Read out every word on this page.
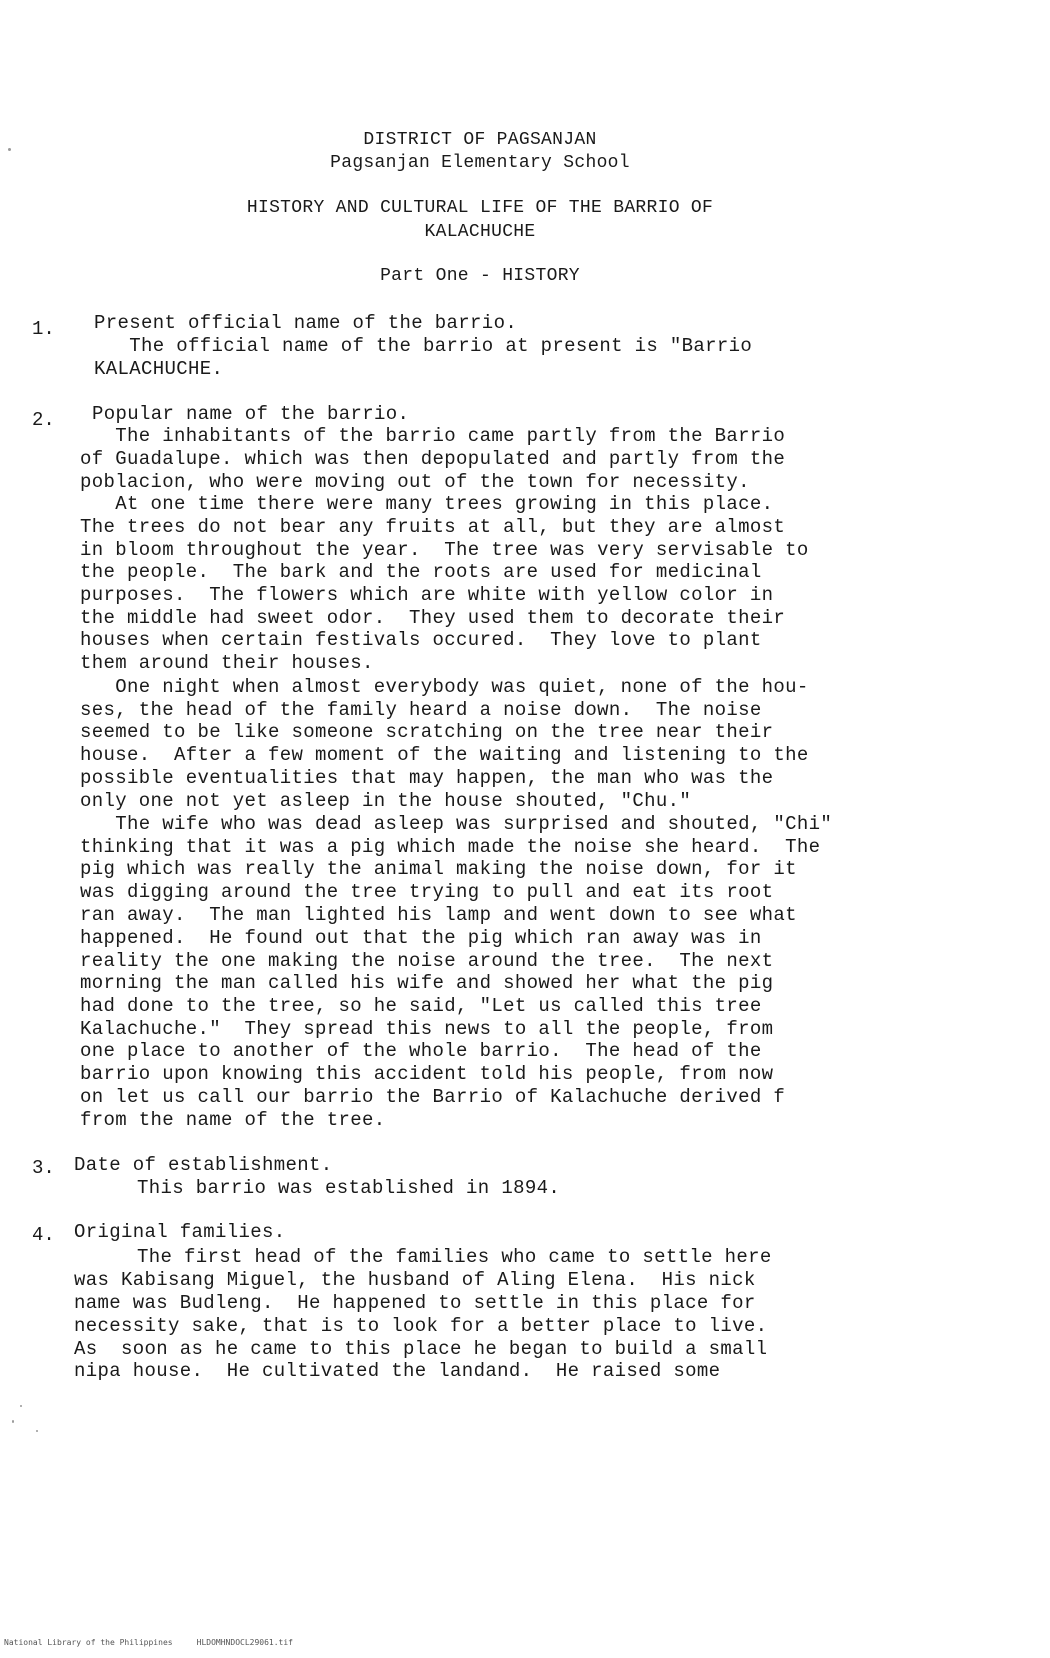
DISTRICT OF PAGSANJAN
Pagsanjan Elementary School
HISTORY AND CULTURAL LIFE OF THE BARRIO OF
KALACHUCHE
Part One - HISTORY
1. Present official name of the barrio.
The official name of the barrio at present is "Barrio
KALACHUCHE.
2. Popular name of the barrio.
The inhabitants of the barrio came partly from the Barrio
of Guadalupe. which was then depopulated and partly from the
poblacion, who were moving out of the town for necessity.
At one time there were many trees growing in this place.
The trees do not bear any fruits at all, but they are almost
in bloom throughout the year.  The tree was very servisable to
the people.  The bark and the roots are used for medicinal
purposes.  The flowers which are white with yellow color in
the middle had sweet odor.  They used them to decorate their
houses when certain festivals occured.  They love to plant
them around their houses.
One night when almost everybody was quiet, none of the hou-
ses, the head of the family heard a noise down.  The noise
seemed to be like someone scratching on the tree near their
house.  After a few moment of the waiting and listening to the
possible eventualities that may happen, the man who was the
only one not yet asleep in the house shouted, "Chu."
The wife who was dead asleep was surprised and shouted, "Chi"
thinking that it was a pig which made the noise she heard.  The
pig which was really the animal making the noise down, for it
was digging around the tree trying to pull and eat its root
ran away.  The man lighted his lamp and went down to see what
happened.  He found out that the pig which ran away was in
reality the one making the noise around the tree.  The next
morning the man called his wife and showed her what the pig
had done to the tree, so he said, "Let us called this tree
Kalachuche."  They spread this news to all the people, from
one place to another of the whole barrio.  The head of the
barrio upon knowing this accident told his people, from now
on let us call our barrio the Barrio of Kalachuche derived f
from the name of the tree.
3. Date of establishment.
This barrio was established in 1894.
4. Original families.
The first head of the families who came to settle here
was Kabisang Miguel, the husband of Aling Elena.  His nick
name was Budleng.  He happened to settle in this place for
necessity sake, that is to look for a better place to live.
As  soon as he came to this place he began to build a small
nipa house.  He cultivated the landand.  He raised some
National Library of the Philippines     HLDOMHNDOCL29061.tif
